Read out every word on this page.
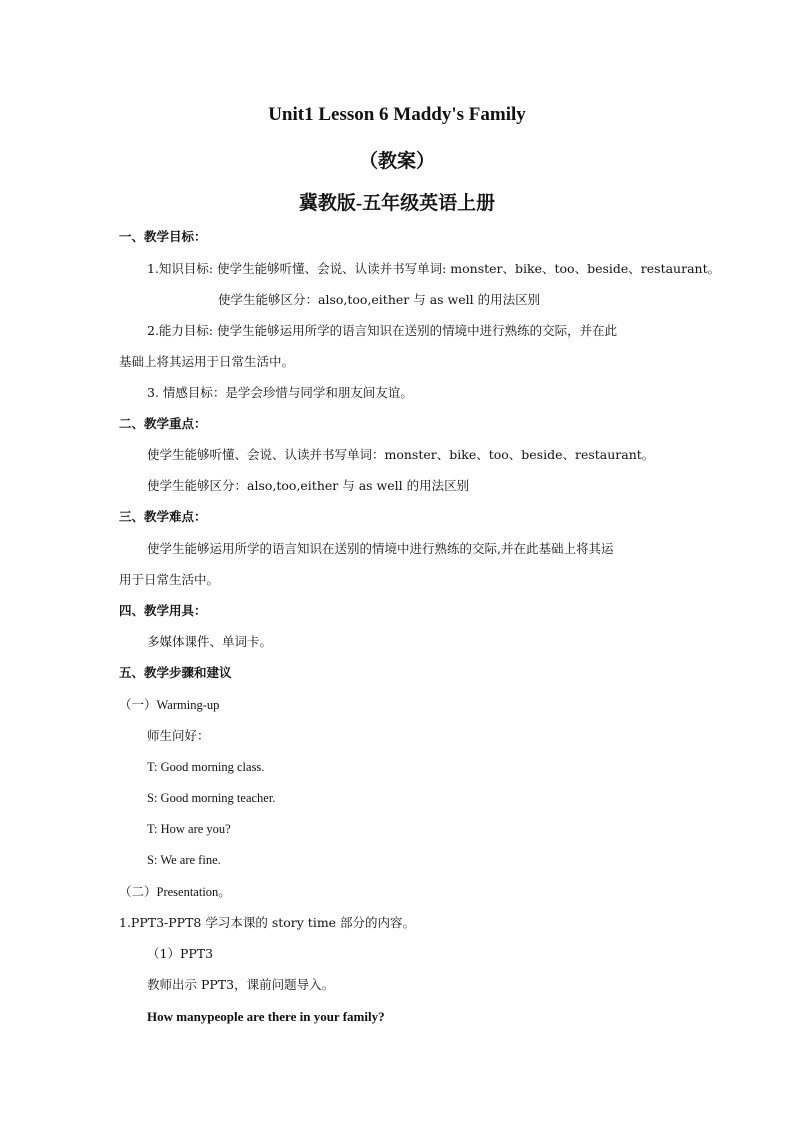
Unit1 Lesson 6 Maddy's Family
（教案）
冀教版-五年级英语上册
一、教学目标：
1.知识目标: 使学生能够听懂、会说、认读并书写单词: monster、bike、too、beside、restaurant。
使学生能够区分：also,too,either 与 as well 的用法区别
2.能力目标: 使学生能够运用所学的语言知识在送别的情境中进行熟练的交际，并在此
基础上将其运用于日常生活中。
3. 情感目标：是学会珍惜与同学和朋友间友谊。
二、教学重点：
使学生能够听懂、会说、认读并书写单词：monster、bike、too、beside、restaurant。
使学生能够区分：also,too,either 与 as well 的用法区别
三、教学难点：
使学生能够运用所学的语言知识在送别的情境中进行熟练的交际,并在此基础上将其运
用于日常生活中。
四、教学用具：
多媒体课件、单词卡。
五、教学步骤和建议
（一）Warming-up
师生问好：
T: Good morning class.
S: Good morning teacher.
T: How are you?
S: We are fine.
（二）Presentation。
1.PPT3-PPT8 学习本课的 story time 部分的内容。
（1）PPT3
教师出示 PPT3，课前问题导入。
How manypeople are there in your family?
